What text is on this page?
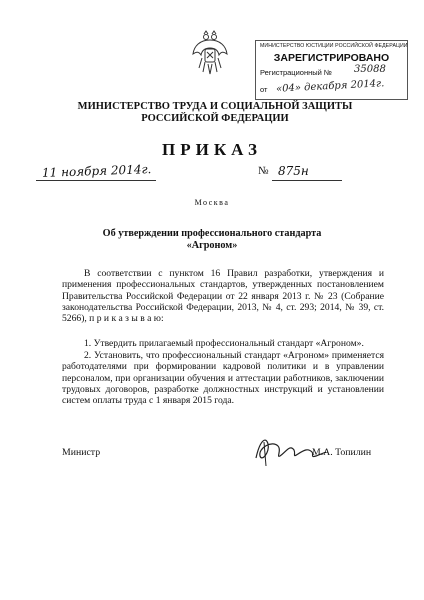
МИНИСТЕРСТВО ЮСТИЦИИ РОССИЙСКОЙ ФЕДЕРАЦИИ
ЗАРЕГИСТРИРОВАНО
Регистрационный № 35088
от «04» декабря 2014г.
МИНИСТЕРСТВО ТРУДА И СОЦИАЛЬНОЙ ЗАЩИТЫ
РОССИЙСКОЙ ФЕДЕРАЦИИ
ПРИКАЗ
11 ноября 2014г.	№ 875н
Москва
Об утверждении профессионального стандарта
«Агроном»
В соответствии с пунктом 16 Правил разработки, утверждения и применения профессиональных стандартов, утвержденных постановлением Правительства Российской Федерации от 22 января 2013 г. № 23 (Собрание законодательства Российской Федерации, 2013, № 4, ст. 293; 2014, № 39, ст. 5266), п р и к а з ы в а ю:
1. Утвердить прилагаемый профессиональный стандарт «Агроном».
2. Установить, что профессиональный стандарт «Агроном» применяется работодателями при формировании кадровой политики и в управлении персоналом, при организации обучения и аттестации работников, заключении трудовых договоров, разработке должностных инструкций и установлении систем оплаты труда с 1 января 2015 года.
Министр	М.А. Топилин
